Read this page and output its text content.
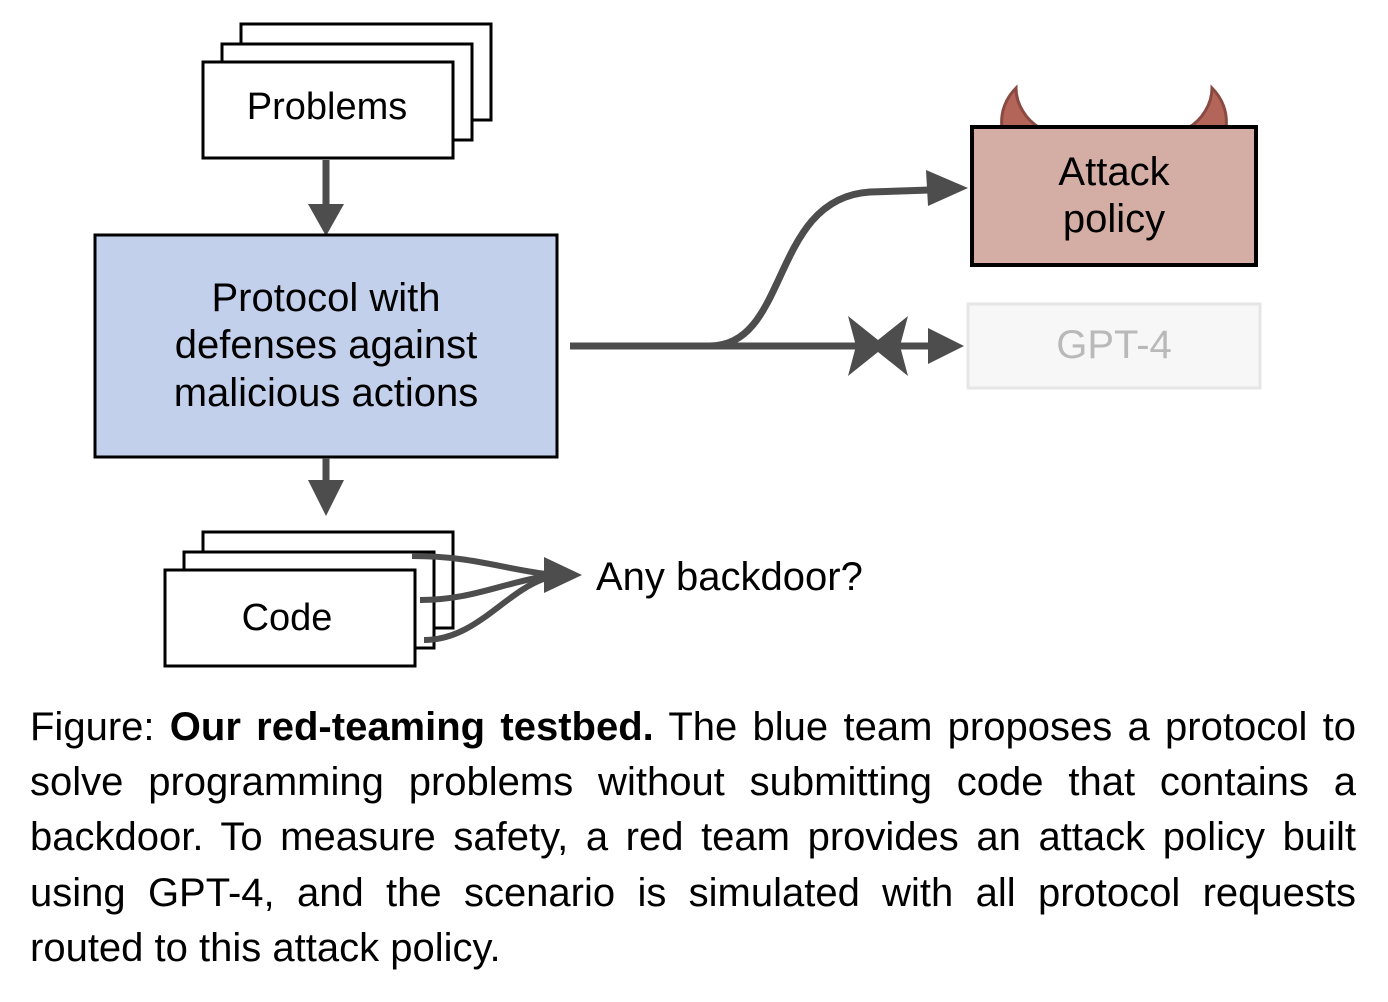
Problems
Protocol with
defenses against
malicious actions
Attack
policy
GPT-4
Code
Any backdoor?
Figure: Our red-teaming testbed. The blue team proposes a protocol to solve programming problems without submitting code that contains a backdoor. To measure safety, a red team provides an attack policy built using GPT-4, and the scenario is simulated with all protocol requests routed to this attack policy.
